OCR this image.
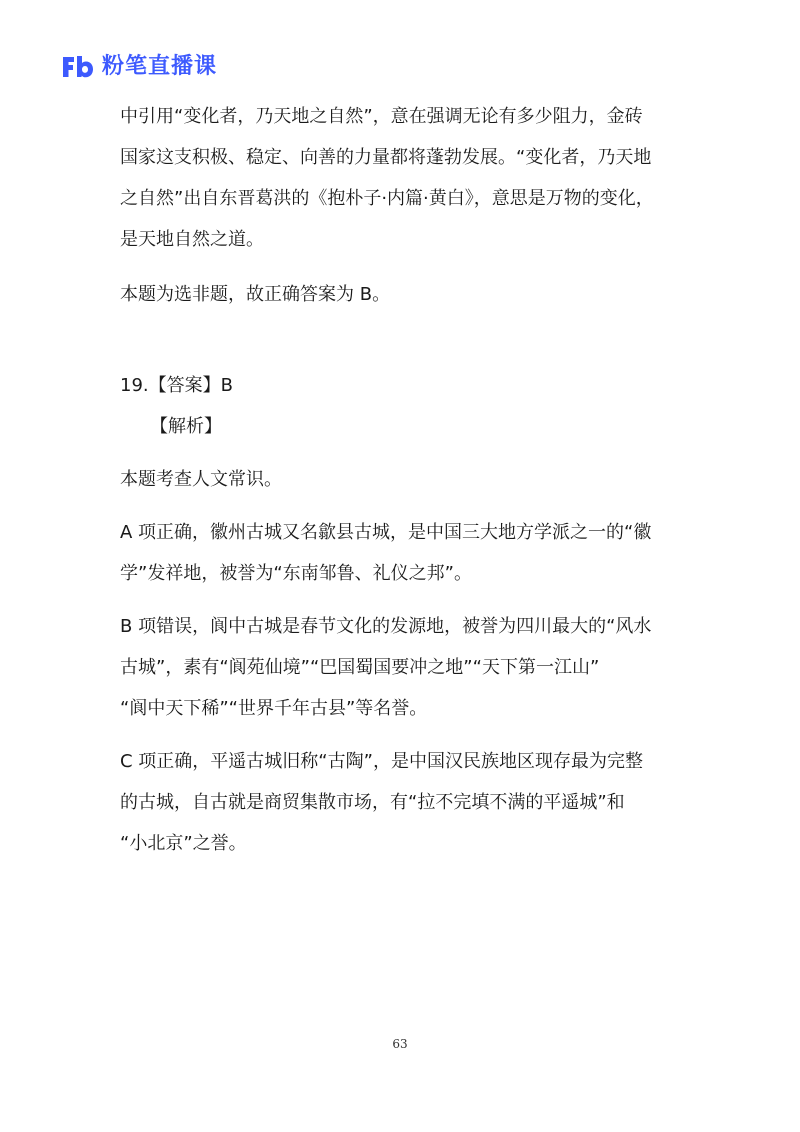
粉笔直播课

中引用“变化者，乃天地之自然”，意在强调无论有多少阻力，金砖
国家这支积极、稳定、向善的力量都将蓬勃发展。“变化者，乃天地
之自然”出自东晋葛洪的《抱朴子·内篇·黄白》，意思是万物的变化，
是天地自然之道。

本题为选非题，故正确答案为 B。

19.【答案】B

【解析】

本题考查人文常识。

A 项正确，徽州古城又名歙县古城，是中国三大地方学派之一的“徽
学”发祥地，被誉为“东南邹鲁、礼仪之邦”。

B 项错误，阆中古城是春节文化的发源地，被誉为四川最大的“风水
古城”，素有“阆苑仙境”“巴国蜀国要冲之地”“天下第一江山”
“阆中天下稀”“世界千年古县”等名誉。

C 项正确，平遥古城旧称“古陶”，是中国汉民族地区现存最为完整
的古城，自古就是商贸集散市场，有“拉不完填不满的平遥城”和
“小北京”之誉。

63
